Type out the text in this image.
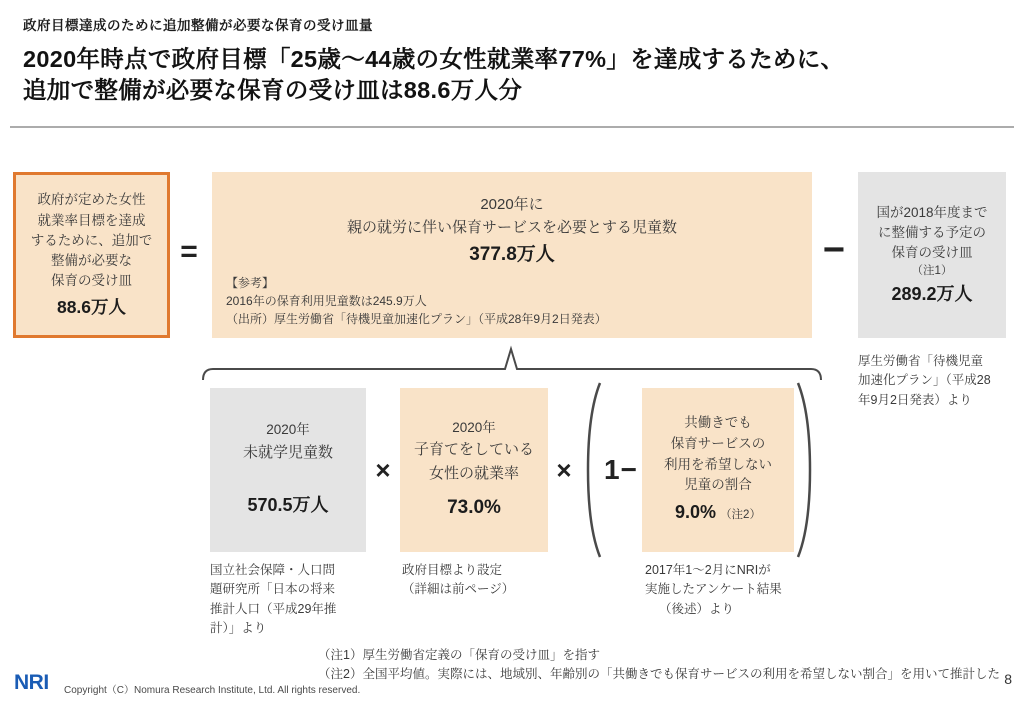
政府目標達成のために追加整備が必要な保育の受け皿量
2020年時点で政府目標「25歳～44歳の女性就業率77%」を達成するために、
追加で整備が必要な保育の受け皿は88.6万人分
政府が定めた女性
就業率目標を達成
するために、追加で
整備が必要な
保育の受け皿
88.6万人
=
2020年に
親の就労に伴い保育サービスを必要とする児童数
377.8万人
【参考】
2016年の保育利用児童数は245.9万人
（出所）厚生労働省「待機児童加速化プラン」（平成28年9月2日発表）
−
国が2018年度まで
に整備する予定の
保育の受け皿
（注1）
289.2万人
厚生労働省「待機児童
加速化プラン」（平成28
年9月2日発表）より
2020年
未就学児童数
570.5万人
×
2020年
子育てをしている
女性の就業率
73.0%
× 1−
共働きでも
保育サービスの
利用を希望しない
児童の割合
9.0% （注2）
国立社会保障・人口問
題研究所「日本の将来
推計人口（平成29年推
計）」より
政府目標より設定
（詳細は前ページ）
2017年1～2月にNRIが
実施したアンケート結果
（後述）より
（注1）厚生労働省定義の「保育の受け皿」を指す
（注2）全国平均値。実際には、地域別、年齢別の「共働きでも保育サービスの利用を希望しない割合」を用いて推計した
NRI Copyright（C）Nomura Research Institute, Ltd. All rights reserved.
8
